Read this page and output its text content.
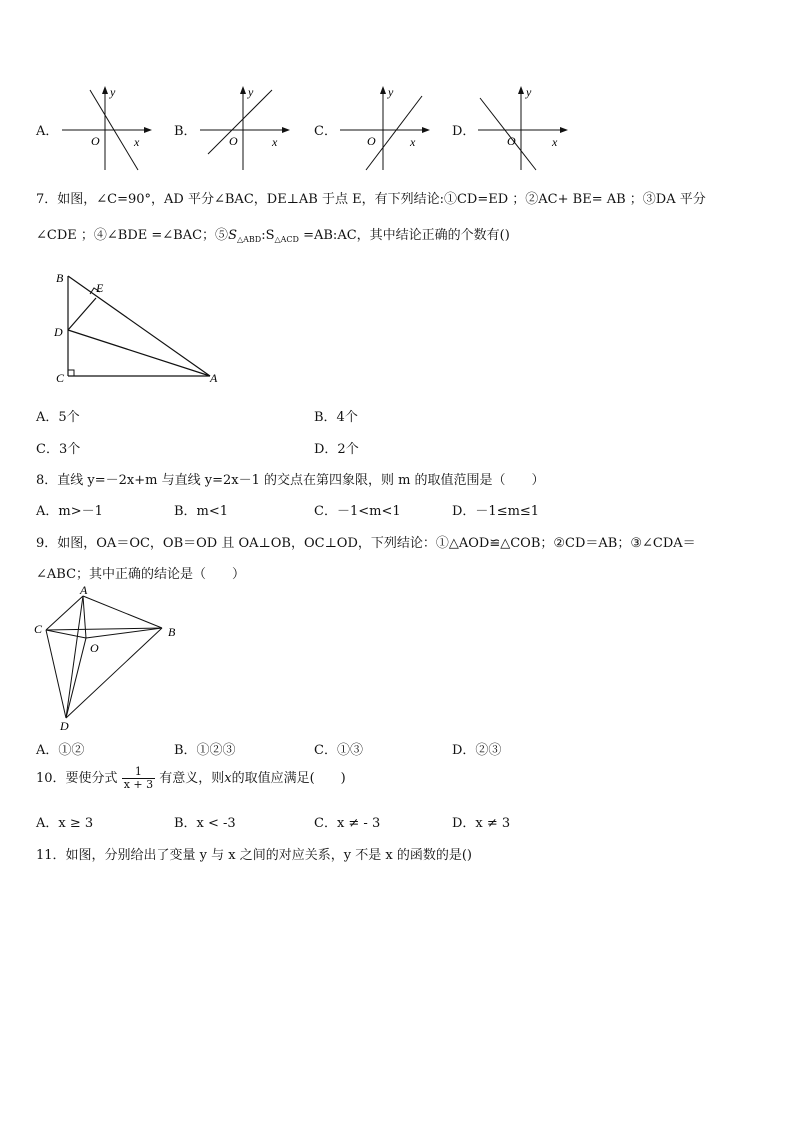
A．
y
x
O
B．
y
x
O
C．
y
x
O
D．
y
x
O
7．如图，∠C=90°，AD 平分∠BAC，DE⊥AB 于点 E，有下列结论:①CD=ED ；②AC+ BE= AB ；③DA 平分
∠CDE ；④∠BDE =∠BAC；$⑤S_{\triangle ABD}:S_{\triangle ACD}$ =AB:AC，其中结论正确的个数有()
B
E
D
C	A
A．5个	B．4个
C．3个	D．2个
8．直线 y=－2x+m 与直线 y=2x－1 的交点在第四象限，则 m 的取值范围是（　　）
A．m>－1	B．m<1	C．－1<m<1	D．－1≤m≤1
9．如图，OA＝OC，OB＝OD 且 OA⊥OB，OC⊥OD，下列结论：①△AOD≌△COB；②CD＝AB；③∠CDA＝
∠ABC；其中正确的结论是（　　）
A
B
C
O
D
A．①②	B．①②③	C．①③	D．②③
10．要使分式 $\frac{1}{x + 3}$ 有意义，则x的取值应满足(　　)
A．x ≥ 3	B．x < -3	C．x ≠ - 3	D．x ≠ 3
11．如图，分别给出了变量 y 与 x 之间的对应关系，y 不是 x 的函数的是()
